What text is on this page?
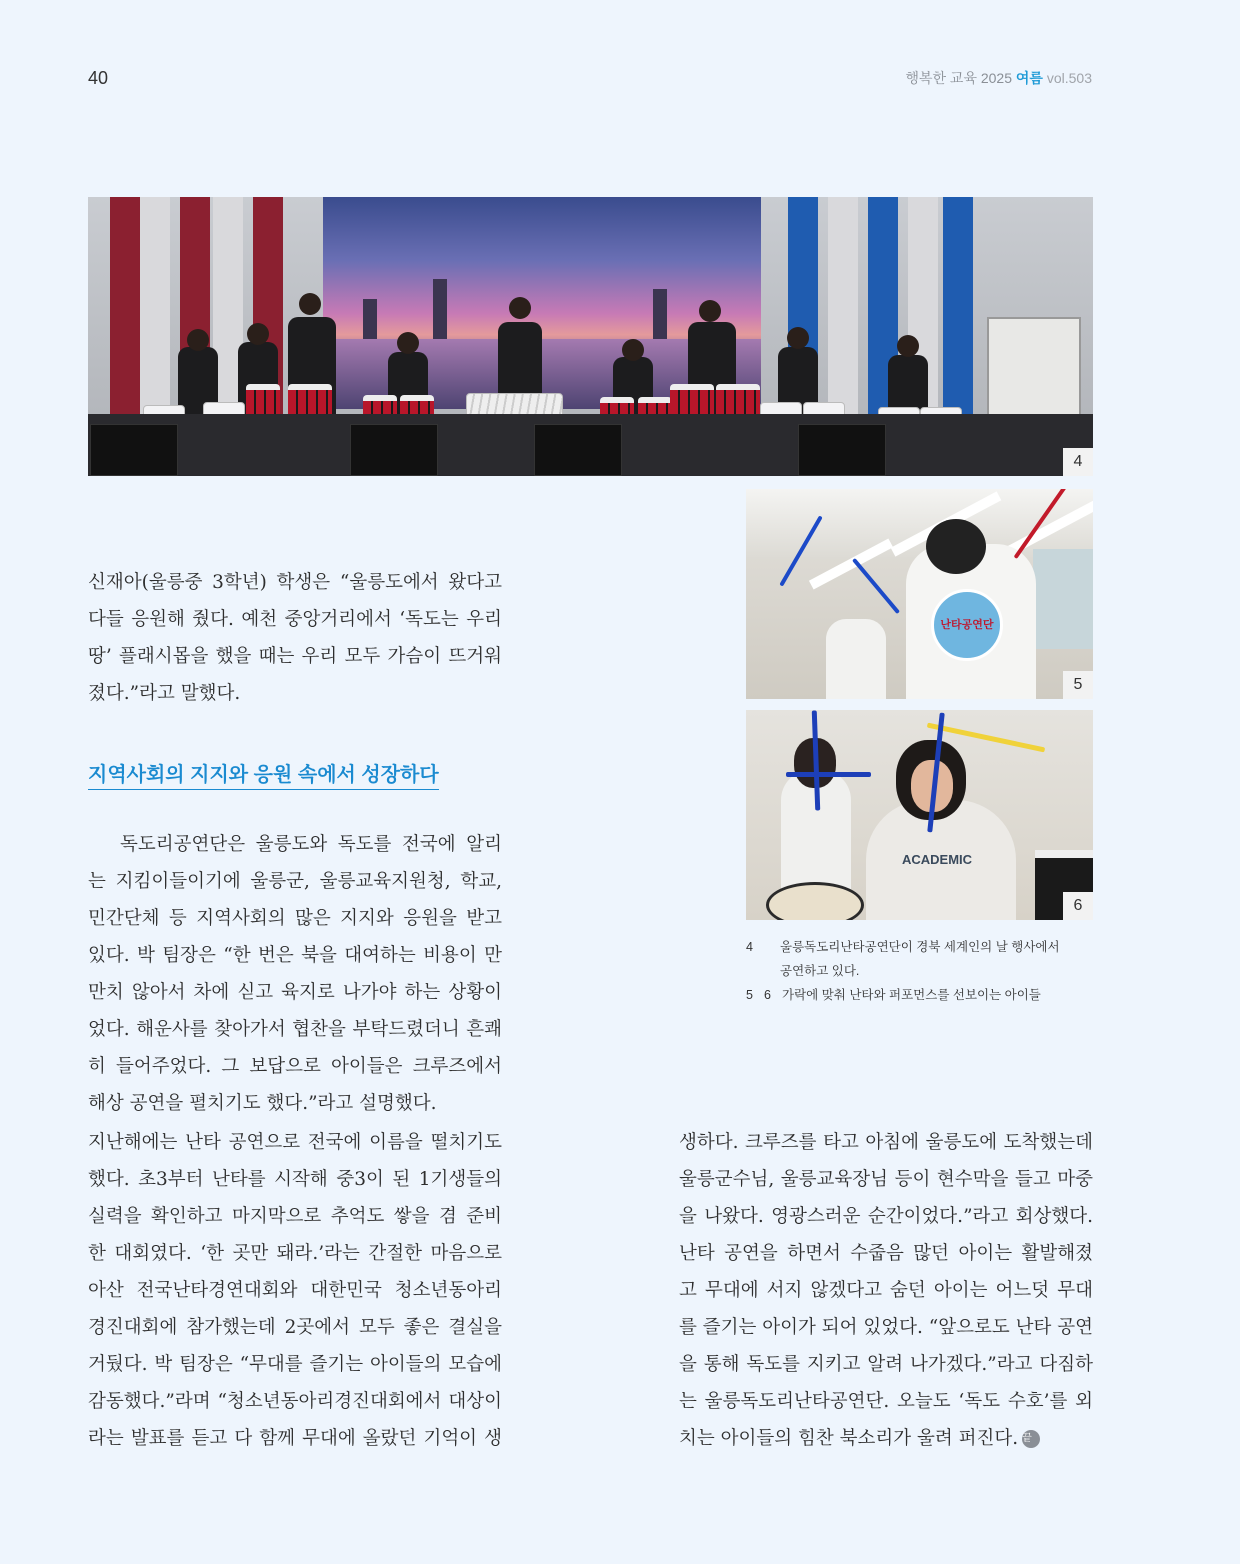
40	행복한 교육 2025 여름 vol.503
4
난타공연단
5
ACADEMIC
6
4	울릉독도리난타공연단이 경북 세계인의 날 행사에서
공연하고 있다.
5 6 가락에 맞춰 난타와 퍼포먼스를 선보이는 아이들
신재아(울릉중 3학년) 학생은 “울릉도에서 왔다고
다들 응원해 줬다. 예천 중앙거리에서 ‘독도는 우리
땅’ 플래시몹을 했을 때는 우리 모두 가슴이 뜨거워
졌다.”라고 말했다.
지역사회의 지지와 응원 속에서 성장하다
독도리공연단은 울릉도와 독도를 전국에 알리
는 지킴이들이기에 울릉군, 울릉교육지원청, 학교,
민간단체 등 지역사회의 많은 지지와 응원을 받고
있다. 박 팀장은 “한 번은 북을 대여하는 비용이 만
만치 않아서 차에 싣고 육지로 나가야 하는 상황이
었다. 해운사를 찾아가서 협찬을 부탁드렸더니 흔쾌
히 들어주었다. 그 보답으로 아이들은 크루즈에서
해상 공연을 펼치기도 했다.”라고 설명했다.
지난해에는 난타 공연으로 전국에 이름을 떨치기도
했다. 초3부터 난타를 시작해 중3이 된 1기생들의
실력을 확인하고 마지막으로 추억도 쌓을 겸 준비
한 대회였다. ‘한 곳만 돼라.’라는 간절한 마음으로
아산 전국난타경연대회와 대한민국 청소년동아리
경진대회에 참가했는데 2곳에서 모두 좋은 결실을
거뒀다. 박 팀장은 “무대를 즐기는 아이들의 모습에
감동했다.”라며 “청소년동아리경진대회에서 대상이
라는 발표를 듣고 다 함께 무대에 올랐던 기억이 생
생하다. 크루즈를 타고 아침에 울릉도에 도착했는데
울릉군수님, 울릉교육장님 등이 현수막을 들고 마중
을 나왔다. 영광스러운 순간이었다.”라고 회상했다.
난타 공연을 하면서 수줍음 많던 아이는 활발해졌
고 무대에 서지 않겠다고 숨던 아이는 어느덧 무대
를 즐기는 아이가 되어 있었다. “앞으로도 난타 공연
을 통해 독도를 지키고 알려 나가겠다.”라고 다짐하
는 울릉독도리난타공연단. 오늘도 ‘독도 수호’를 외
치는 아이들의 힘찬 북소리가 울려 퍼진다. 끝
